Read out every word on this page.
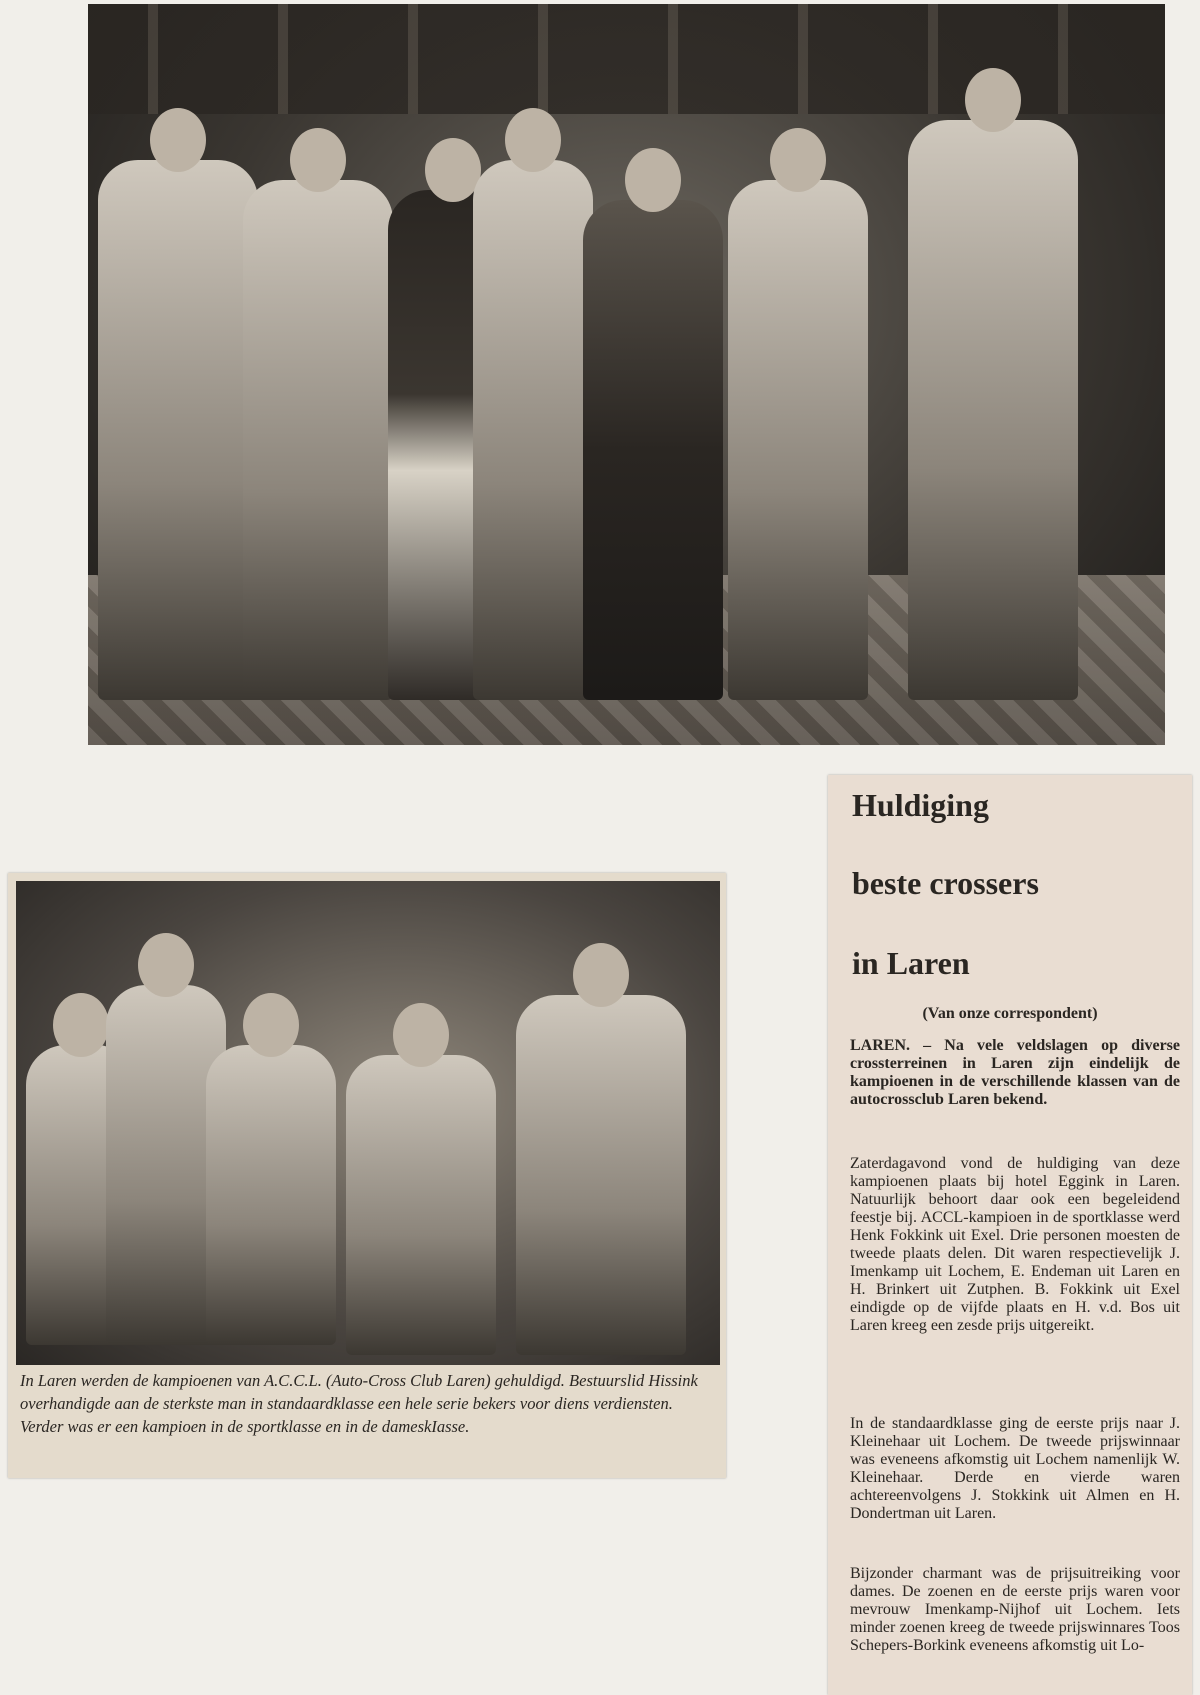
In Laren werden de kampioenen van A.C.C.L. (Auto-Cross Club Laren) gehuldigd. Bestuurslid Hissink overhandigde aan de sterkste man in standaardklasse een hele serie bekers voor diens verdiensten. Verder was er een kampioen in de sportklasse en in de dameskIasse.

Huldiging
beste crossers
in Laren
(Van onze correspondent)

LAREN. – Na vele veldslagen op diverse crossterreinen in Laren zijn eindelijk de kampioenen in de verschillende klassen van de autocrossclub Laren bekend.

Zaterdagavond vond de huldiging van deze kampioenen plaats bij hotel Eggink in Laren. Natuurlijk behoort daar ook een begeleidend feestje bij. ACCL-kampioen in de sportklasse werd Henk Fokkink uit Exel. Drie personen moesten de tweede plaats delen. Dit waren respectievelijk J. Imenkamp uit Lochem, E. Endeman uit Laren en H. Brinkert uit Zutphen. B. Fokkink uit Exel eindigde op de vijfde plaats en H. v.d. Bos uit Laren kreeg een zesde prijs uitgereikt.

In de standaardklasse ging de eerste prijs naar J. Kleinehaar uit Lochem. De tweede prijswinnaar was eveneens afkomstig uit Lochem namenlijk W. Kleinehaar. Derde en vierde waren achtereenvolgens J. Stokkink uit Almen en H. Dondertman uit Laren.

Bijzonder charmant was de prijsuitreiking voor dames. De zoenen en de eerste prijs waren voor mevrouw Imenkamp-Nijhof uit Lochem. Iets minder zoenen kreeg de tweede prijswinnares Toos Schepers-Borkink eveneens afkomstig uit Lo-
